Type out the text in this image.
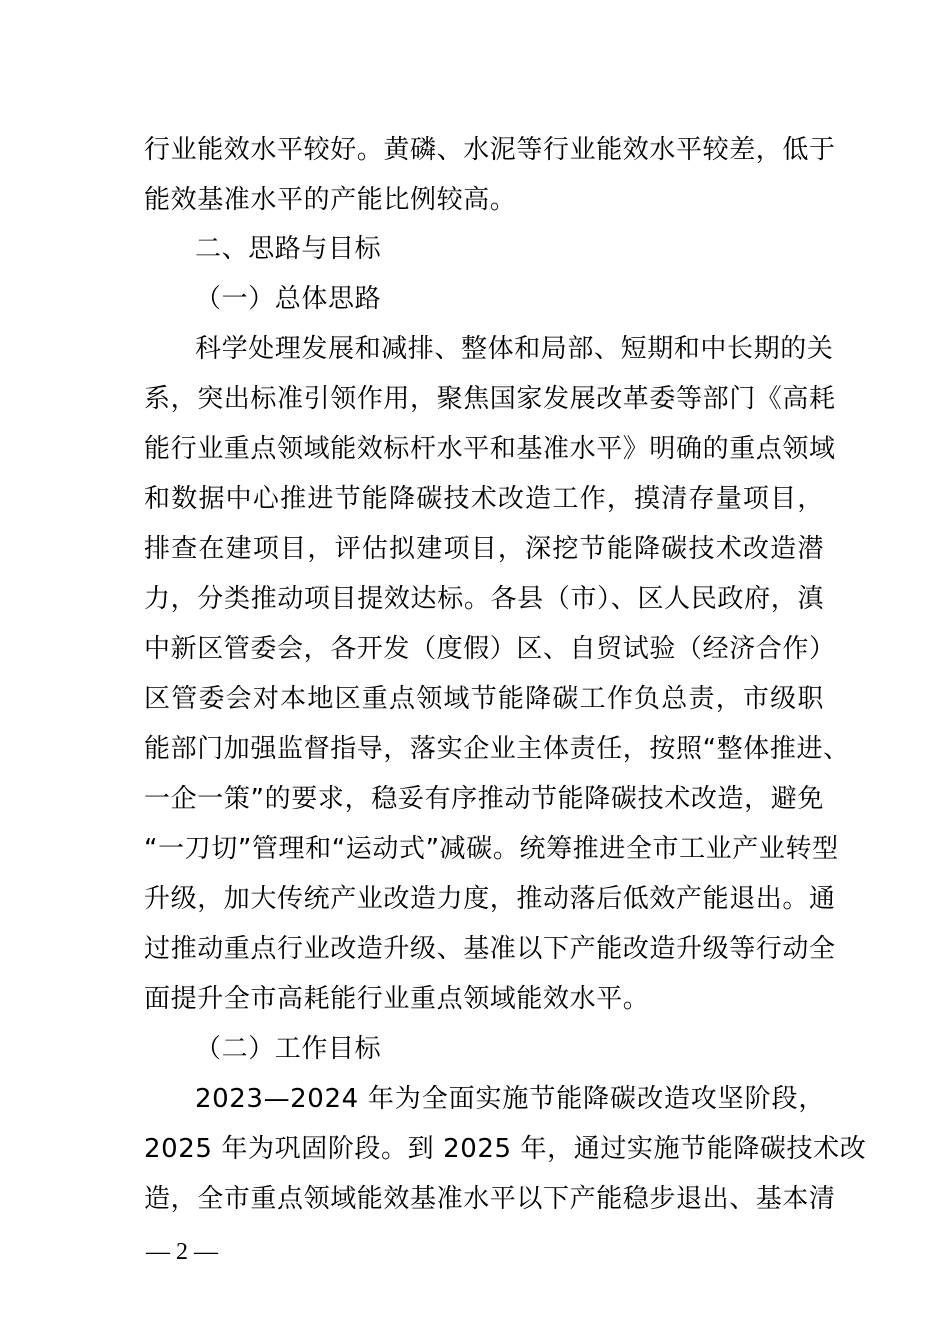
行业能效水平较好。黄磷、水泥等行业能效水平较差，低于
能效基准水平的产能比例较高。
二、思路与目标
（一）总体思路
科学处理发展和减排、整体和局部、短期和中长期的关
系，突出标准引领作用，聚焦国家发展改革委等部门《高耗
能行业重点领域能效标杆水平和基准水平》明确的重点领域
和数据中心推进节能降碳技术改造工作，摸清存量项目，
排查在建项目，评估拟建项目，深挖节能降碳技术改造潜
力，分类推动项目提效达标。各县（市）、区人民政府，滇
中新区管委会，各开发（度假）区、自贸试验（经济合作）
区管委会对本地区重点领域节能降碳工作负总责，市级职
能部门加强监督指导，落实企业主体责任，按照“整体推进、
一企一策”的要求，稳妥有序推动节能降碳技术改造，避免
“一刀切”管理和“运动式”减碳。统筹推进全市工业产业转型
升级，加大传统产业改造力度，推动落后低效产能退出。通
过推动重点行业改造升级、基准以下产能改造升级等行动全
面提升全市高耗能行业重点领域能效水平。
（二）工作目标
2023—2024 年为全面实施节能降碳改造攻坚阶段，
2025 年为巩固阶段。到 2025 年，通过实施节能降碳技术改
造，全市重点领域能效基准水平以下产能稳步退出、基本清
— 2 —
